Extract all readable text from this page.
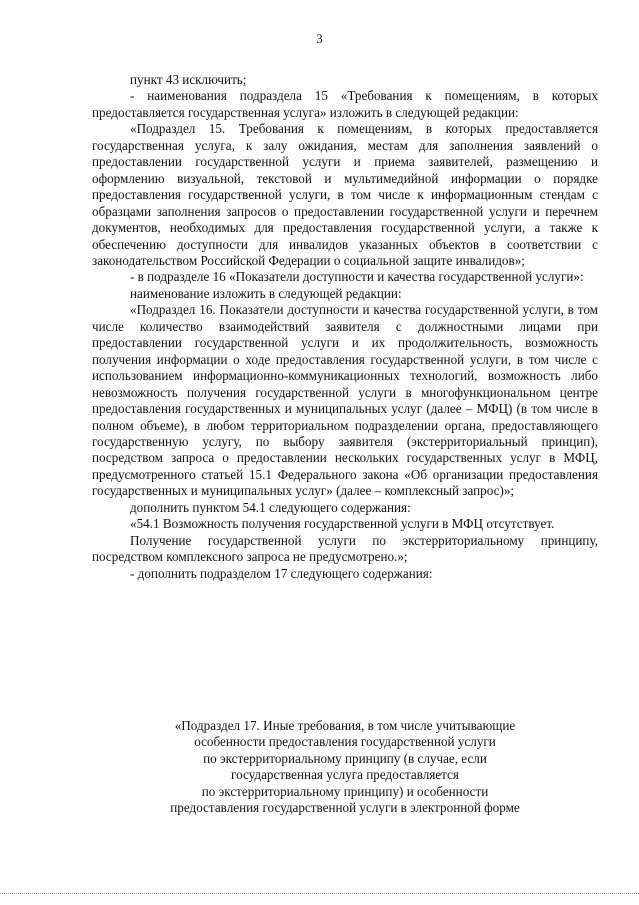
3

пункт 43 исключить;

- наименования подраздела 15 «Требования к помещениям, в которых предоставляется государственная услуга» изложить в следующей редакции:

«Подраздел 15. Требования к помещениям, в которых предоставляется государственная услуга, к залу ожидания, местам для заполнения заявлений о предоставлении государственной услуги и приема заявителей, размещению и оформлению визуальной, текстовой и мультимедийной информации о порядке предоставления государственной услуги, в том числе к информационным стендам с образцами заполнения запросов о предоставлении государственной услуги и перечнем документов, необходимых для предоставления государственной услуги, а также к обеспечению доступности для инвалидов указанных объектов в соответствии с законодательством Российской Федерации о социальной защите инвалидов»;

- в подразделе 16 «Показатели доступности и качества государственной услуги»:

наименование изложить в следующей редакции:

«Подраздел 16. Показатели доступности и качества государственной услуги, в том числе количество взаимодействий заявителя с должностными лицами при предоставлении государственной услуги и их продолжительность, возможность получения информации о ходе предоставления государственной услуги, в том числе с использованием информационно-коммуникационных технологий, возможность либо невозможность получения государственной услуги в многофункциональном центре предоставления государственных и муниципальных услуг (далее – МФЦ) (в том числе в полном объеме), в любом территориальном подразделении органа, предоставляющего государственную услугу, по выбору заявителя (экстерриториальный принцип), посредством запроса о предоставлении нескольких государственных услуг в МФЦ, предусмотренного статьей 15.1 Федерального закона «Об организации предоставления государственных и муниципальных услуг» (далее – комплексный запрос)»;

дополнить пунктом 54.1 следующего содержания:

«54.1 Возможность получения государственной услуги в МФЦ отсутствует.

Получение государственной услуги по экстерриториальному принципу, посредством комплексного запроса не предусмотрено.»;

- дополнить подразделом 17 следующего содержания:

«Подраздел 17. Иные требования, в том числе учитывающие
особенности предоставления государственной услуги
по экстерриториальному принципу (в случае, если
государственная услуга предоставляется
по экстерриториальному принципу) и особенности
предоставления государственной услуги в электронной форме
